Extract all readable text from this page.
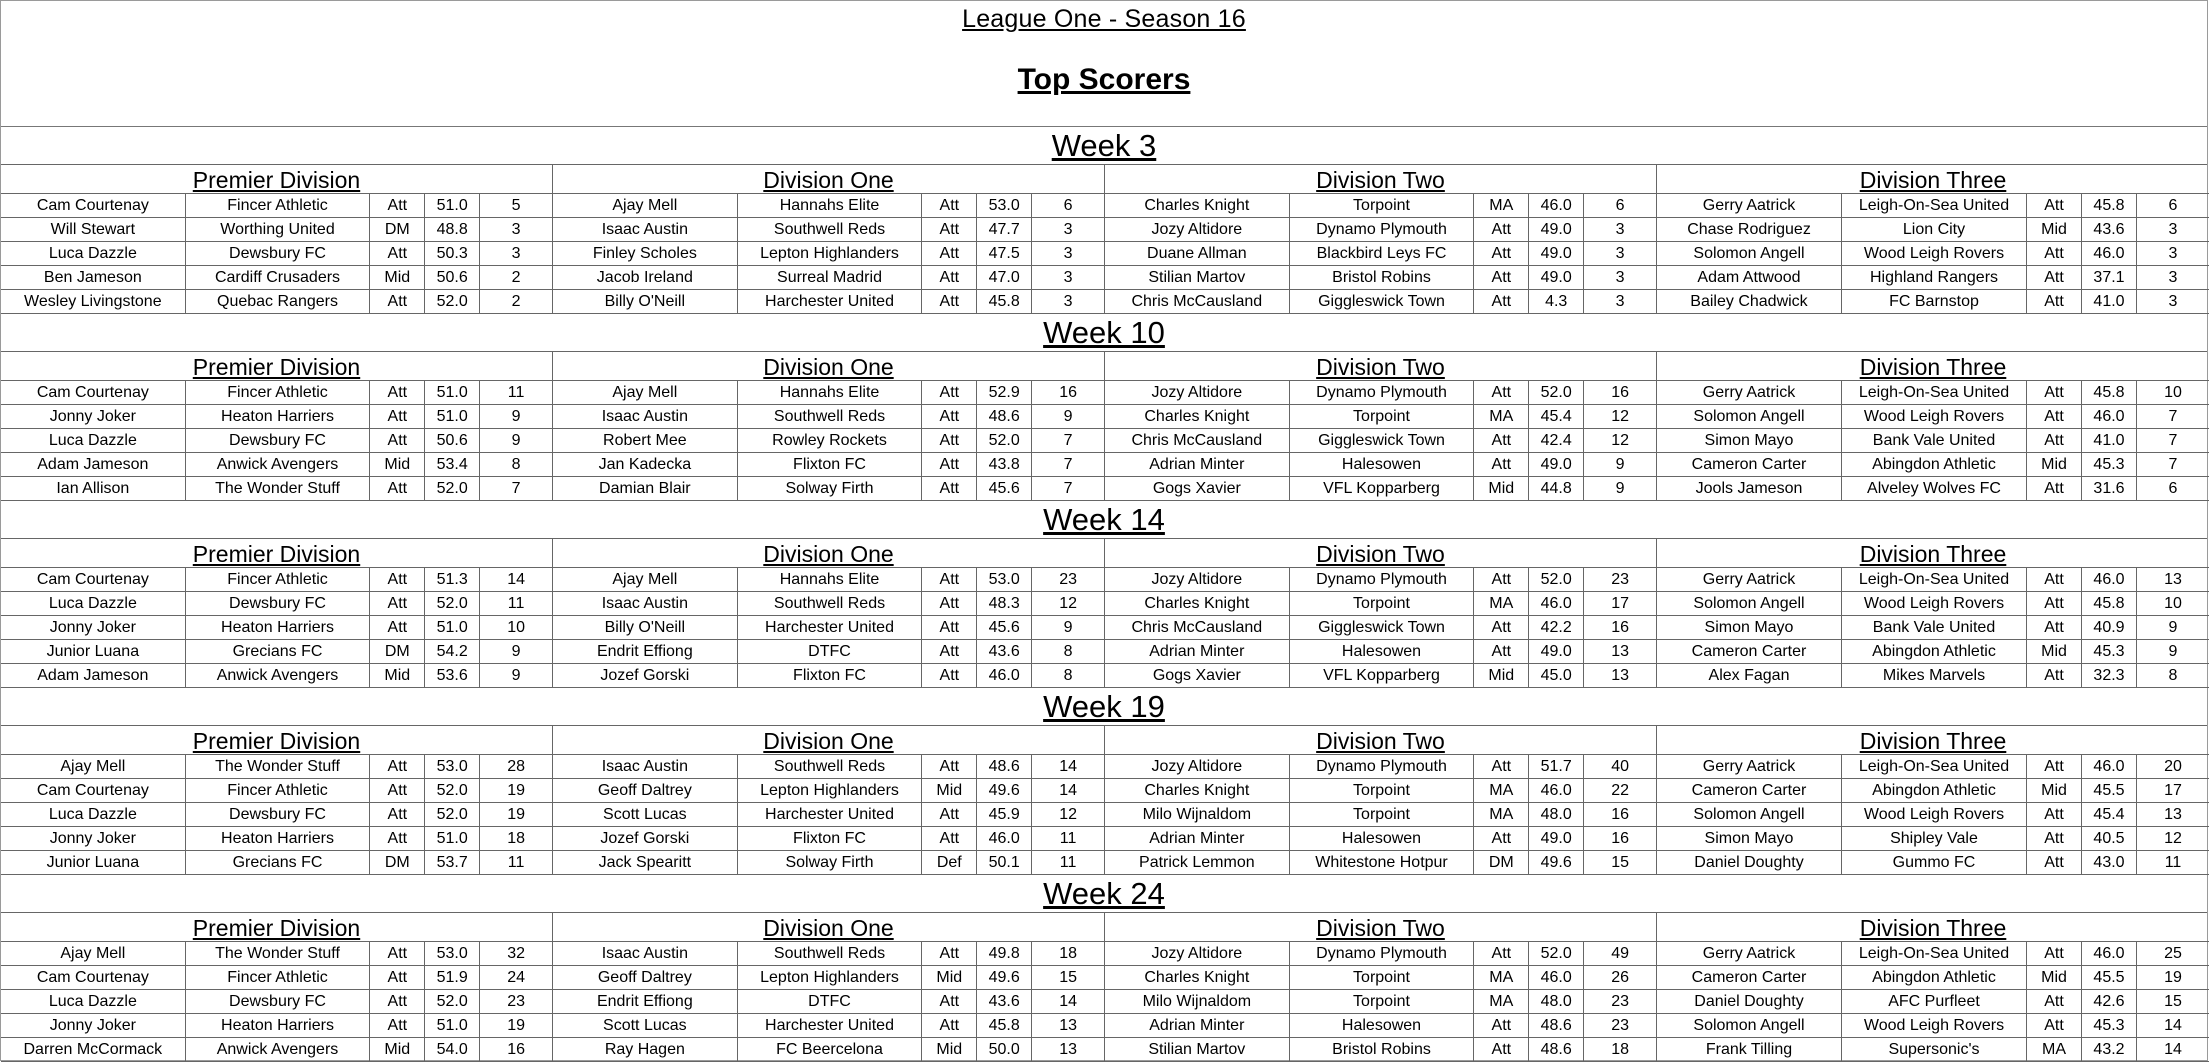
League One - Season 16
Top Scorers
Week 3
Premier Division
Cam Courtenay	Fincer Athletic	Att	51.0	5
Will Stewart	Worthing United	DM	48.8	3
Luca Dazzle	Dewsbury FC	Att	50.3	3
Ben Jameson	Cardiff Crusaders	Mid	50.6	2
Wesley Livingstone	Quebac Rangers	Att	52.0	2
Division One
Ajay Mell	Hannahs Elite	Att	53.0	6
Isaac Austin	Southwell Reds	Att	47.7	3
Finley Scholes	Lepton Highlanders	Att	47.5	3
Jacob Ireland	Surreal Madrid	Att	47.0	3
Billy O'Neill	Harchester United	Att	45.8	3
Division Two
Charles Knight	Torpoint	MA	46.0	6
Jozy Altidore	Dynamo Plymouth	Att	49.0	3
Duane Allman	Blackbird Leys FC	Att	49.0	3
Stilian Martov	Bristol Robins	Att	49.0	3
Chris McCausland	Giggleswick Town	Att	4.3	3
Division Three
Gerry Aatrick	Leigh-On-Sea United	Att	45.8	6
Chase Rodriguez	Lion City	Mid	43.6	3
Solomon Angell	Wood Leigh Rovers	Att	46.0	3
Adam Attwood	Highland Rangers	Att	37.1	3
Bailey Chadwick	FC Barnstop	Att	41.0	3
Week 10
Premier Division
Cam Courtenay	Fincer Athletic	Att	51.0	11
Jonny Joker	Heaton Harriers	Att	51.0	9
Luca Dazzle	Dewsbury FC	Att	50.6	9
Adam Jameson	Anwick Avengers	Mid	53.4	8
Ian Allison	The Wonder Stuff	Att	52.0	7
Division One
Ajay Mell	Hannahs Elite	Att	52.9	16
Isaac Austin	Southwell Reds	Att	48.6	9
Robert Mee	Rowley Rockets	Att	52.0	7
Jan Kadecka	Flixton FC	Att	43.8	7
Damian Blair	Solway Firth	Att	45.6	7
Division Two
Jozy Altidore	Dynamo Plymouth	Att	52.0	16
Charles Knight	Torpoint	MA	45.4	12
Chris McCausland	Giggleswick Town	Att	42.4	12
Adrian Minter	Halesowen	Att	49.0	9
Gogs Xavier	VFL Kopparberg	Mid	44.8	9
Division Three
Gerry Aatrick	Leigh-On-Sea United	Att	45.8	10
Solomon Angell	Wood Leigh Rovers	Att	46.0	7
Simon Mayo	Bank Vale United	Att	41.0	7
Cameron Carter	Abingdon Athletic	Mid	45.3	7
Jools Jameson	Alveley Wolves FC	Att	31.6	6
Week 14
Premier Division
Cam Courtenay	Fincer Athletic	Att	51.3	14
Luca Dazzle	Dewsbury FC	Att	52.0	11
Jonny Joker	Heaton Harriers	Att	51.0	10
Junior Luana	Grecians FC	DM	54.2	9
Adam Jameson	Anwick Avengers	Mid	53.6	9
Division One
Ajay Mell	Hannahs Elite	Att	53.0	23
Isaac Austin	Southwell Reds	Att	48.3	12
Billy O'Neill	Harchester United	Att	45.6	9
Endrit Effiong	DTFC	Att	43.6	8
Jozef Gorski	Flixton FC	Att	46.0	8
Division Two
Jozy Altidore	Dynamo Plymouth	Att	52.0	23
Charles Knight	Torpoint	MA	46.0	17
Chris McCausland	Giggleswick Town	Att	42.2	16
Adrian Minter	Halesowen	Att	49.0	13
Gogs Xavier	VFL Kopparberg	Mid	45.0	13
Division Three
Gerry Aatrick	Leigh-On-Sea United	Att	46.0	13
Solomon Angell	Wood Leigh Rovers	Att	45.8	10
Simon Mayo	Bank Vale United	Att	40.9	9
Cameron Carter	Abingdon Athletic	Mid	45.3	9
Alex Fagan	Mikes Marvels	Att	32.3	8
Week 19
Premier Division
Ajay Mell	The Wonder Stuff	Att	53.0	28
Cam Courtenay	Fincer Athletic	Att	52.0	19
Luca Dazzle	Dewsbury FC	Att	52.0	19
Jonny Joker	Heaton Harriers	Att	51.0	18
Junior Luana	Grecians FC	DM	53.7	11
Division One
Isaac Austin	Southwell Reds	Att	48.6	14
Geoff Daltrey	Lepton Highlanders	Mid	49.6	14
Scott Lucas	Harchester United	Att	45.9	12
Jozef Gorski	Flixton FC	Att	46.0	11
Jack Spearitt	Solway Firth	Def	50.1	11
Division Two
Jozy Altidore	Dynamo Plymouth	Att	51.7	40
Charles Knight	Torpoint	MA	46.0	22
Milo Wijnaldom	Torpoint	MA	48.0	16
Adrian Minter	Halesowen	Att	49.0	16
Patrick Lemmon	Whitestone Hotpur	DM	49.6	15
Division Three
Gerry Aatrick	Leigh-On-Sea United	Att	46.0	20
Cameron Carter	Abingdon Athletic	Mid	45.5	17
Solomon Angell	Wood Leigh Rovers	Att	45.4	13
Simon Mayo	Shipley Vale	Att	40.5	12
Daniel Doughty	Gummo FC	Att	43.0	11
Week 24
Premier Division
Ajay Mell	The Wonder Stuff	Att	53.0	32
Cam Courtenay	Fincer Athletic	Att	51.9	24
Luca Dazzle	Dewsbury FC	Att	52.0	23
Jonny Joker	Heaton Harriers	Att	51.0	19
Darren McCormack	Anwick Avengers	Mid	54.0	16
Division One
Isaac Austin	Southwell Reds	Att	49.8	18
Geoff Daltrey	Lepton Highlanders	Mid	49.6	15
Endrit Effiong	DTFC	Att	43.6	14
Scott Lucas	Harchester United	Att	45.8	13
Ray Hagen	FC Beercelona	Mid	50.0	13
Division Two
Jozy Altidore	Dynamo Plymouth	Att	52.0	49
Charles Knight	Torpoint	MA	46.0	26
Milo Wijnaldom	Torpoint	MA	48.0	23
Adrian Minter	Halesowen	Att	48.6	23
Stilian Martov	Bristol Robins	Att	48.6	18
Division Three
Gerry Aatrick	Leigh-On-Sea United	Att	46.0	25
Cameron Carter	Abingdon Athletic	Mid	45.5	19
Daniel Doughty	AFC Purfleet	Att	42.6	15
Solomon Angell	Wood Leigh Rovers	Att	45.3	14
Frank Tilling	Supersonic's	MA	43.2	14
